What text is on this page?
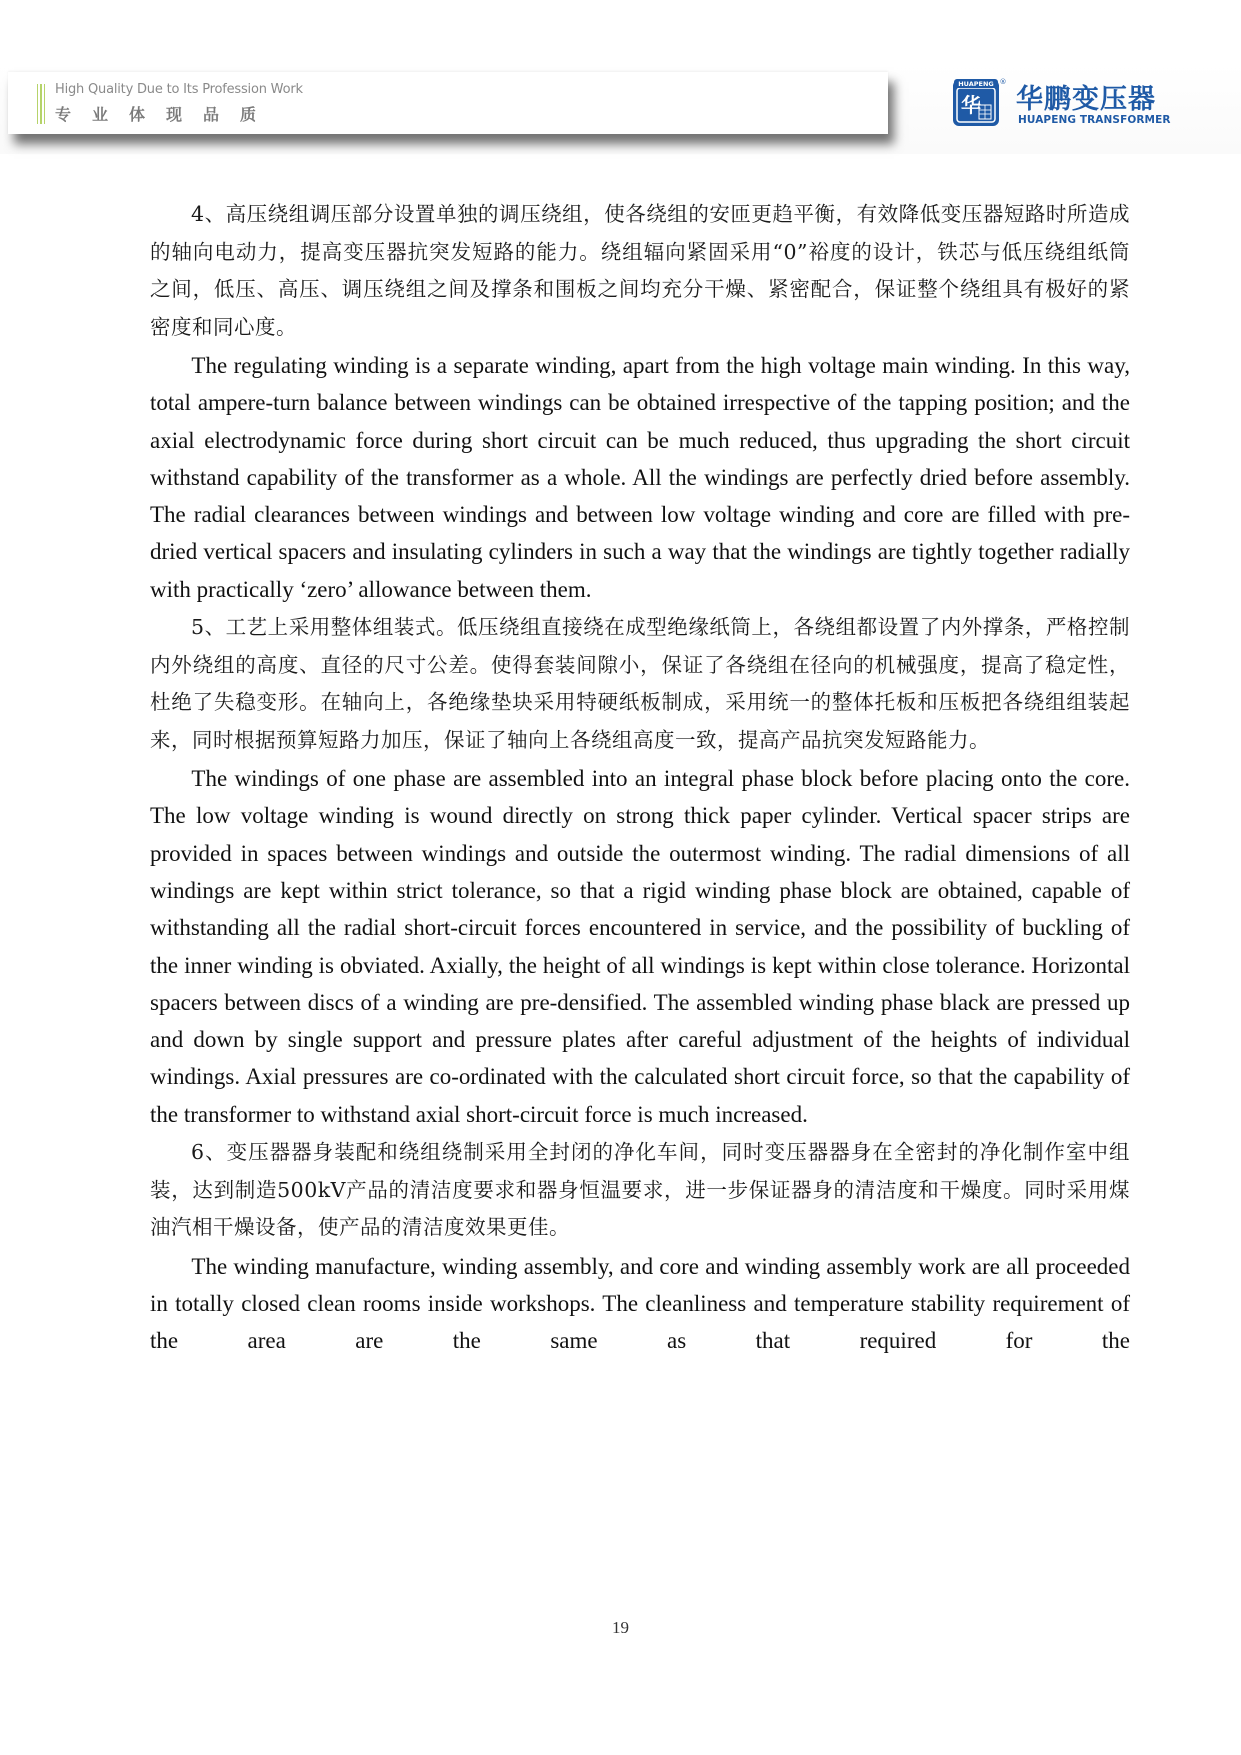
High Quality Due to Its Profession Work
专业体现品质
HUAPENG
华
®
华鹏变压器
HUAPENG TRANSFORMER

4、高压绕组调压部分设置单独的调压绕组，使各绕组的安匝更趋平衡，有效降低变压器短路时所造成的轴向电动力，提高变压器抗突发短路的能力。绕组辐向紧固采用“0”裕度的设计，铁芯与低压绕组纸筒之间，低压、高压、调压绕组之间及撑条和围板之间均充分干燥、紧密配合，保证整个绕组具有极好的紧密度和同心度。

The regulating winding is a separate winding, apart from the high voltage main winding. In this way, total ampere-turn balance between windings can be obtained irrespective of the tapping position; and the axial electrodynamic force during short circuit can be much reduced, thus upgrading the short circuit withstand capability of the transformer as a whole. All the windings are perfectly dried before assembly. The radial clearances between windings and between low voltage winding and core are filled with pre-dried vertical spacers and insulating cylinders in such a way that the windings are tightly together radially with practically ‘zero’ allowance between them.

5、工艺上采用整体组装式。低压绕组直接绕在成型绝缘纸筒上，各绕组都设置了内外撑条，严格控制内外绕组的高度、直径的尺寸公差。使得套装间隙小，保证了各绕组在径向的机械强度，提高了稳定性，杜绝了失稳变形。在轴向上，各绝缘垫块采用特硬纸板制成，采用统一的整体托板和压板把各绕组组装起来，同时根据预算短路力加压，保证了轴向上各绕组高度一致，提高产品抗突发短路能力。

The windings of one phase are assembled into an integral phase block before placing onto the core. The low voltage winding is wound directly on strong thick paper cylinder. Vertical spacer strips are provided in spaces between windings and outside the outermost winding. The radial dimensions of all windings are kept within strict tolerance, so that a rigid winding phase block are obtained, capable of withstanding all the radial short-circuit forces encountered in service, and the possibility of buckling of the inner winding is obviated. Axially, the height of all windings is kept within close tolerance. Horizontal spacers between discs of a winding are pre-densified. The assembled winding phase black are pressed up and down by single support and pressure plates after careful adjustment of the heights of individual windings. Axial pressures are co-ordinated with the calculated short circuit force, so that the capability of the transformer to withstand axial short-circuit force is much increased.

6、变压器器身装配和绕组绕制采用全封闭的净化车间，同时变压器器身在全密封的净化制作室中组装，达到制造500kV产品的清洁度要求和器身恒温要求，进一步保证器身的清洁度和干燥度。同时采用煤油汽相干燥设备，使产品的清洁度效果更佳。

The winding manufacture, winding assembly, and core and winding assembly work are all proceeded in totally closed clean rooms inside workshops. The cleanliness and temperature stability requirement of the area are the same as that required for the

19
